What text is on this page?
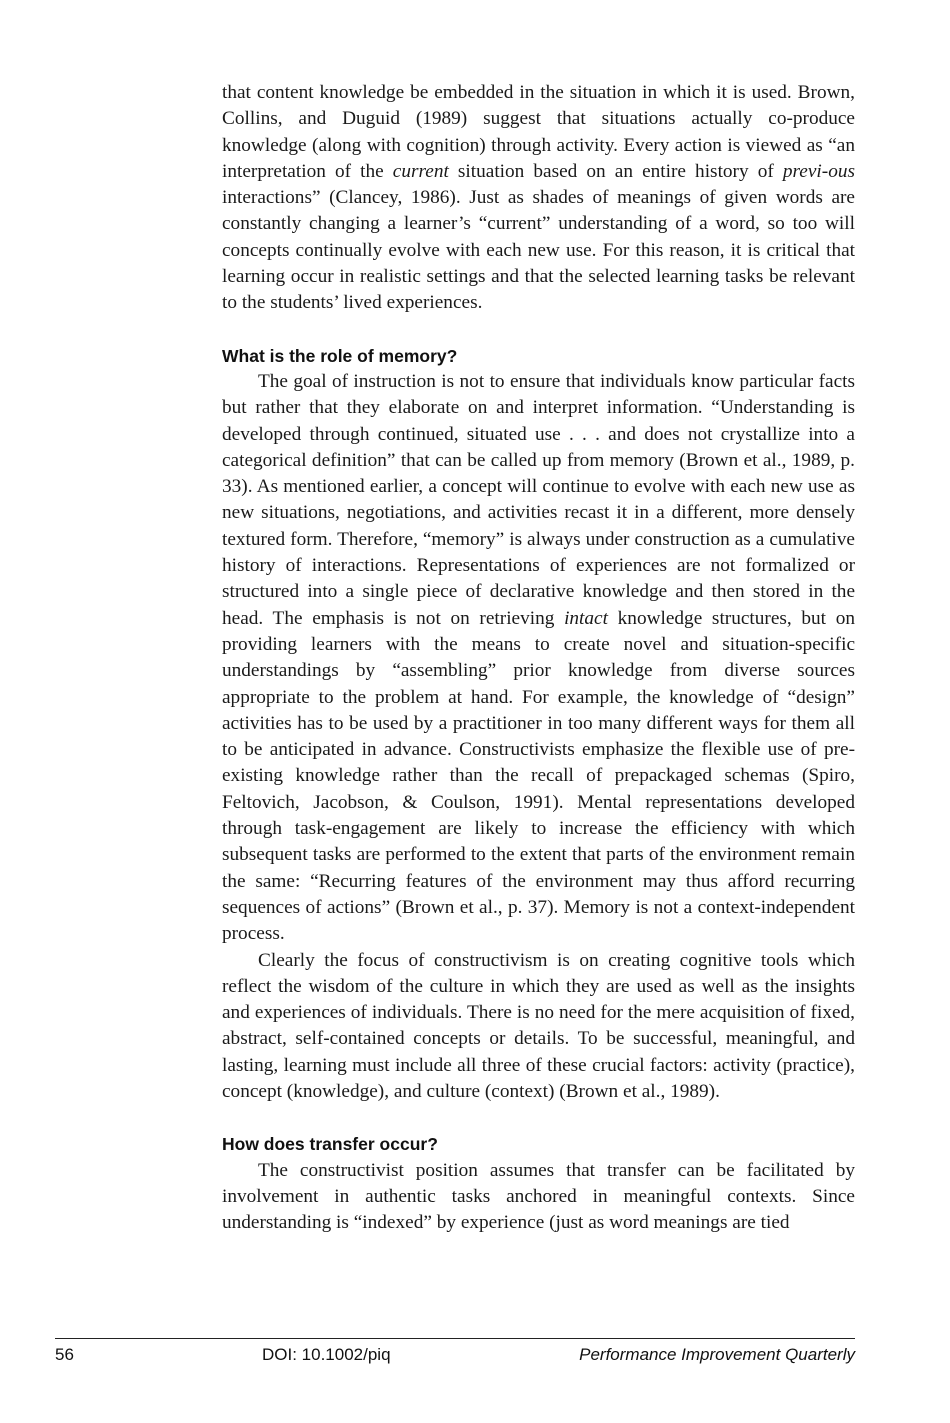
that content knowledge be embedded in the situation in which it is used. Brown, Collins, and Duguid (1989) suggest that situations actually co-produce knowledge (along with cognition) through activity. Every action is viewed as “an interpretation of the current situation based on an entire history of previ-ous interactions” (Clancey, 1986). Just as shades of meanings of given words are constantly changing a learner’s “current” understanding of a word, so too will concepts continually evolve with each new use. For this reason, it is critical that learning occur in realistic settings and that the selected learning tasks be relevant to the students’ lived experiences.

What is the role of memory?

The goal of instruction is not to ensure that individuals know particular facts but rather that they elaborate on and interpret information. “Understanding is developed through continued, situated use . . . and does not crystallize into a categorical definition” that can be called up from memory (Brown et al., 1989, p. 33). As mentioned earlier, a concept will continue to evolve with each new use as new situations, negotiations, and activities recast it in a different, more densely textured form. Therefore, “memory” is always under construction as a cumulative history of interactions. Representations of experiences are not formalized or structured into a single piece of declarative knowledge and then stored in the head. The emphasis is not on retrieving intact knowledge structures, but on providing learners with the means to create novel and situation-specific understandings by “assembling” prior knowledge from diverse sources appropriate to the problem at hand. For example, the knowledge of “design” activities has to be used by a practitioner in too many different ways for them all to be anticipated in advance. Constructivists emphasize the flexible use of pre-existing knowledge rather than the recall of prepackaged schemas (Spiro, Feltovich, Jacobson, & Coulson, 1991). Mental representations developed through task-engagement are likely to increase the efficiency with which subsequent tasks are performed to the extent that parts of the environment remain the same: “Recurring features of the environment may thus afford recurring sequences of actions” (Brown et al., p. 37). Memory is not a context-independent process.

Clearly the focus of constructivism is on creating cognitive tools which reflect the wisdom of the culture in which they are used as well as the insights and experiences of individuals. There is no need for the mere acquisition of fixed, abstract, self-contained concepts or details. To be successful, meaningful, and lasting, learning must include all three of these crucial factors: activity (practice), concept (knowledge), and culture (context) (Brown et al., 1989).

How does transfer occur?

The constructivist position assumes that transfer can be facilitated by involvement in authentic tasks anchored in meaningful contexts. Since understanding is “indexed” by experience (just as word meanings are tied

56	DOI: 10.1002/piq	Performance Improvement Quarterly
